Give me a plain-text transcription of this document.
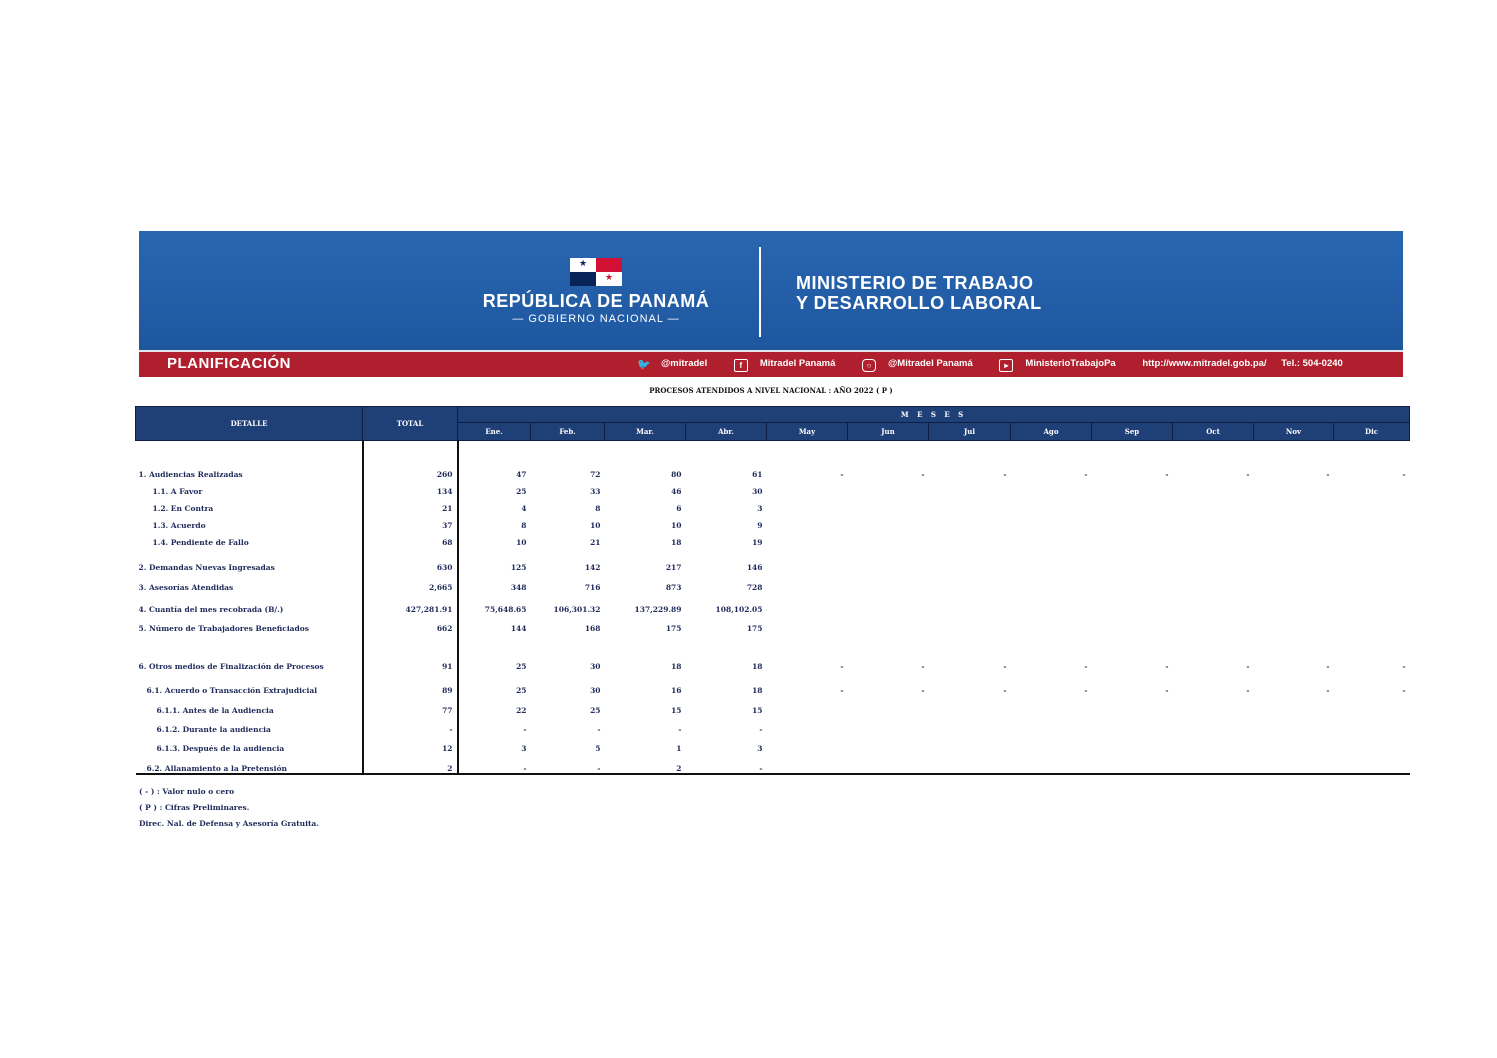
★
★
REPÚBLICA DE PANAMÁ
— GOBIERNO NACIONAL —
MINISTERIO DE TRABAJO
Y DESARROLLO LABORAL
PLANIFICACIÓN	🐦 @mitradel	f Mitradel Panamá	○ @Mitradel Panamá	▸ MinisterioTrabajoPa	http://www.mitradel.gob.pa/ Tel.: 504-0240
PROCESOS ATENDIDOS A NIVEL NACIONAL : AÑO 2022 ( P )
DETALLE	TOTAL	M E S E S											
		Ene.	Feb.	Mar.	Abr.	May	Jun	Jul	Ago	Sep	Oct	Nov	Dic
1. Audiencias Realizadas	260	47	72	80	61	-	-	-	-	-	-	-	-
1.1. A Favor	134	25	33	46	30								
1.2. En Contra	21	4	8	6	3								
1.3. Acuerdo	37	8	10	10	9								
1.4. Pendiente de Fallo	68	10	21	18	19								
2. Demandas Nuevas Ingresadas	630	125	142	217	146								
3. Asesorías Atendidas	2,665	348	716	873	728								
4. Cuantía del mes recobrada (B/.)	427,281.91	75,648.65	106,301.32	137,229.89	108,102.05								
5. Número de Trabajadores Beneficiados	662	144	168	175	175								
6. Otros medios de Finalización de Procesos	91	25	30	18	18	-	-	-	-	-	-	-	-
6.1. Acuerdo o Transacción Extrajudicial	89	25	30	16	18	-	-	-	-	-	-	-	-
6.1.1. Antes de la Audiencia	77	22	25	15	15								
6.1.2. Durante la audiencia	-	-	-	-	-								
6.1.3. Después de la audiencia	12	3	5	1	3								
6.2. Allanamiento a la Pretensión	2	-	-	2	-								
( - ) : Valor nulo o cero
( P ) : Cifras Preliminares.
Direc. Nal. de Defensa y Asesoría Gratuita.
